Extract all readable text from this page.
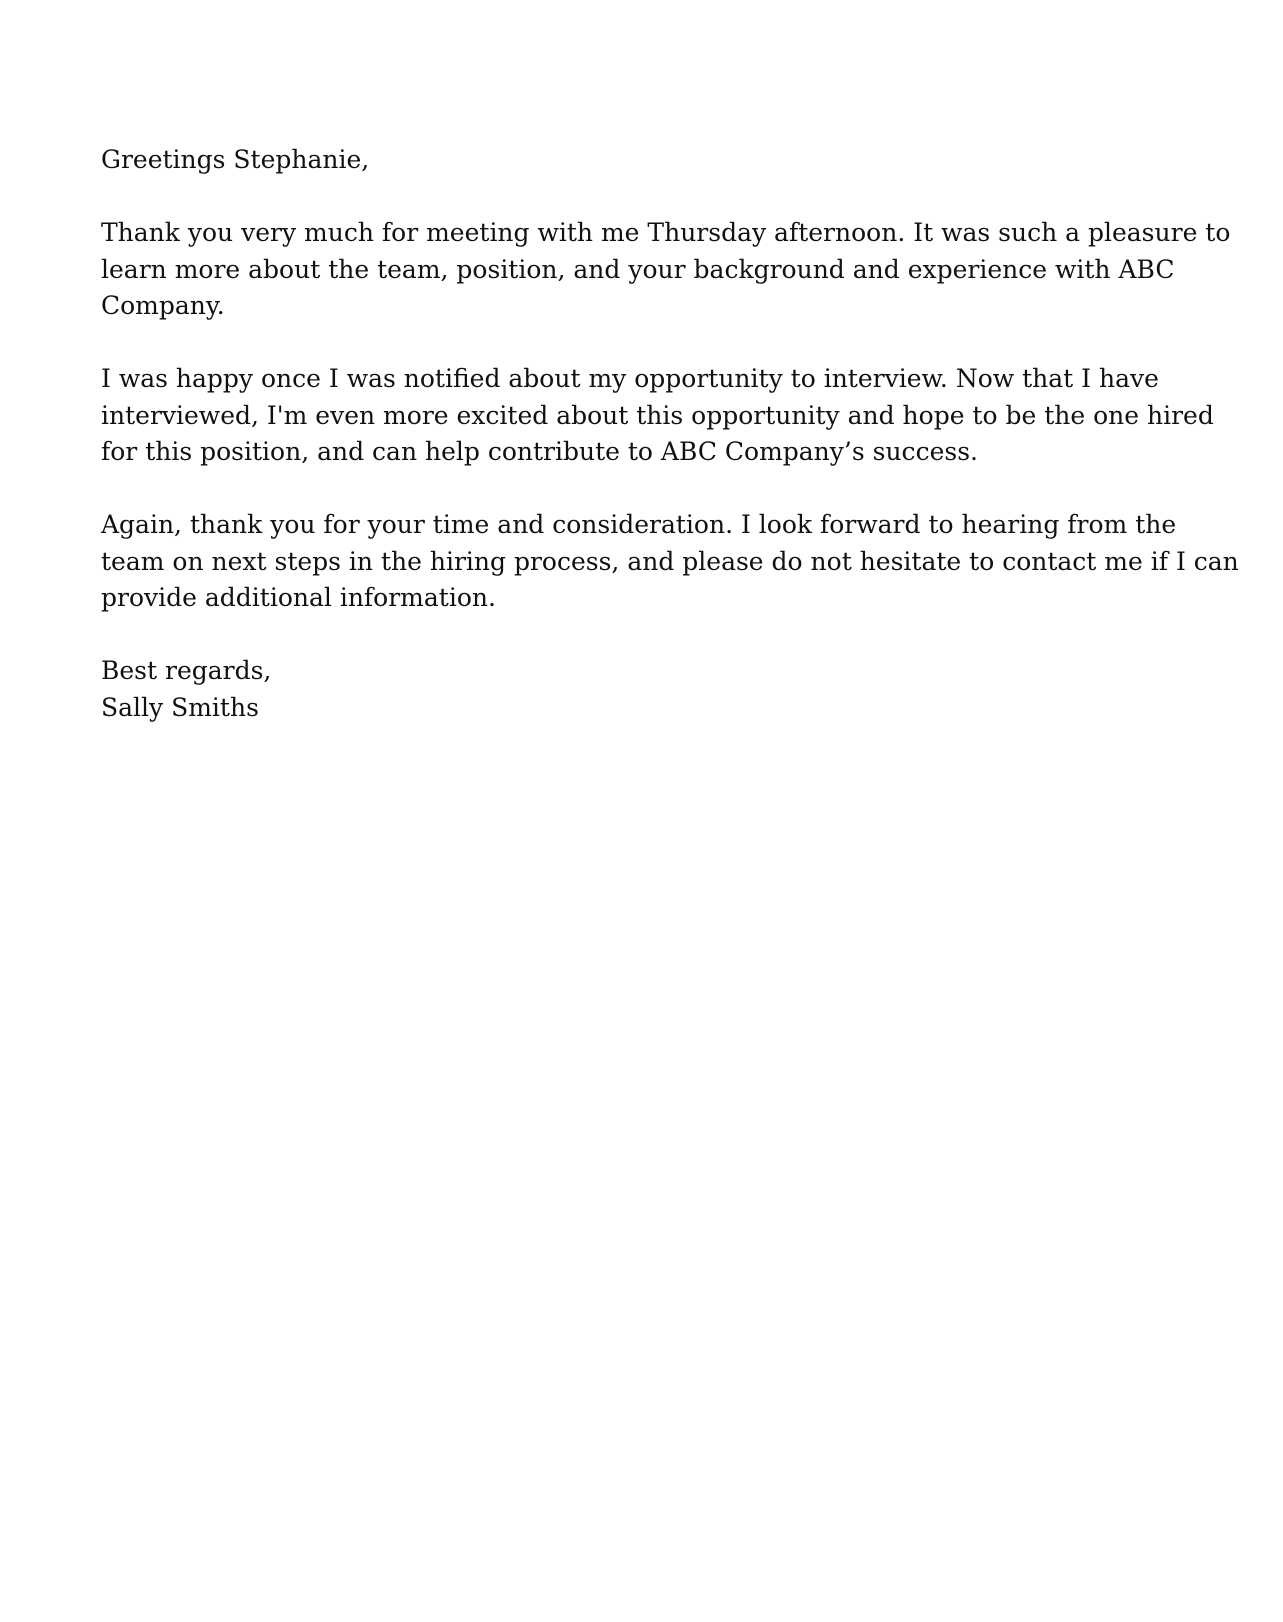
Greetings Stephanie,

Thank you very much for meeting with me Thursday afternoon. It was such a pleasure to
learn more about the team, position, and your background and experience with ABC
Company.

I was happy once I was notified about my opportunity to interview. Now that I have
interviewed, I'm even more excited about this opportunity and hope to be the one hired
for this position, and can help contribute to ABC Company’s success.

Again, thank you for your time and consideration. I look forward to hearing from the
team on next steps in the hiring process, and please do not hesitate to contact me if I can
provide additional information.

Best regards,
Sally Smiths
